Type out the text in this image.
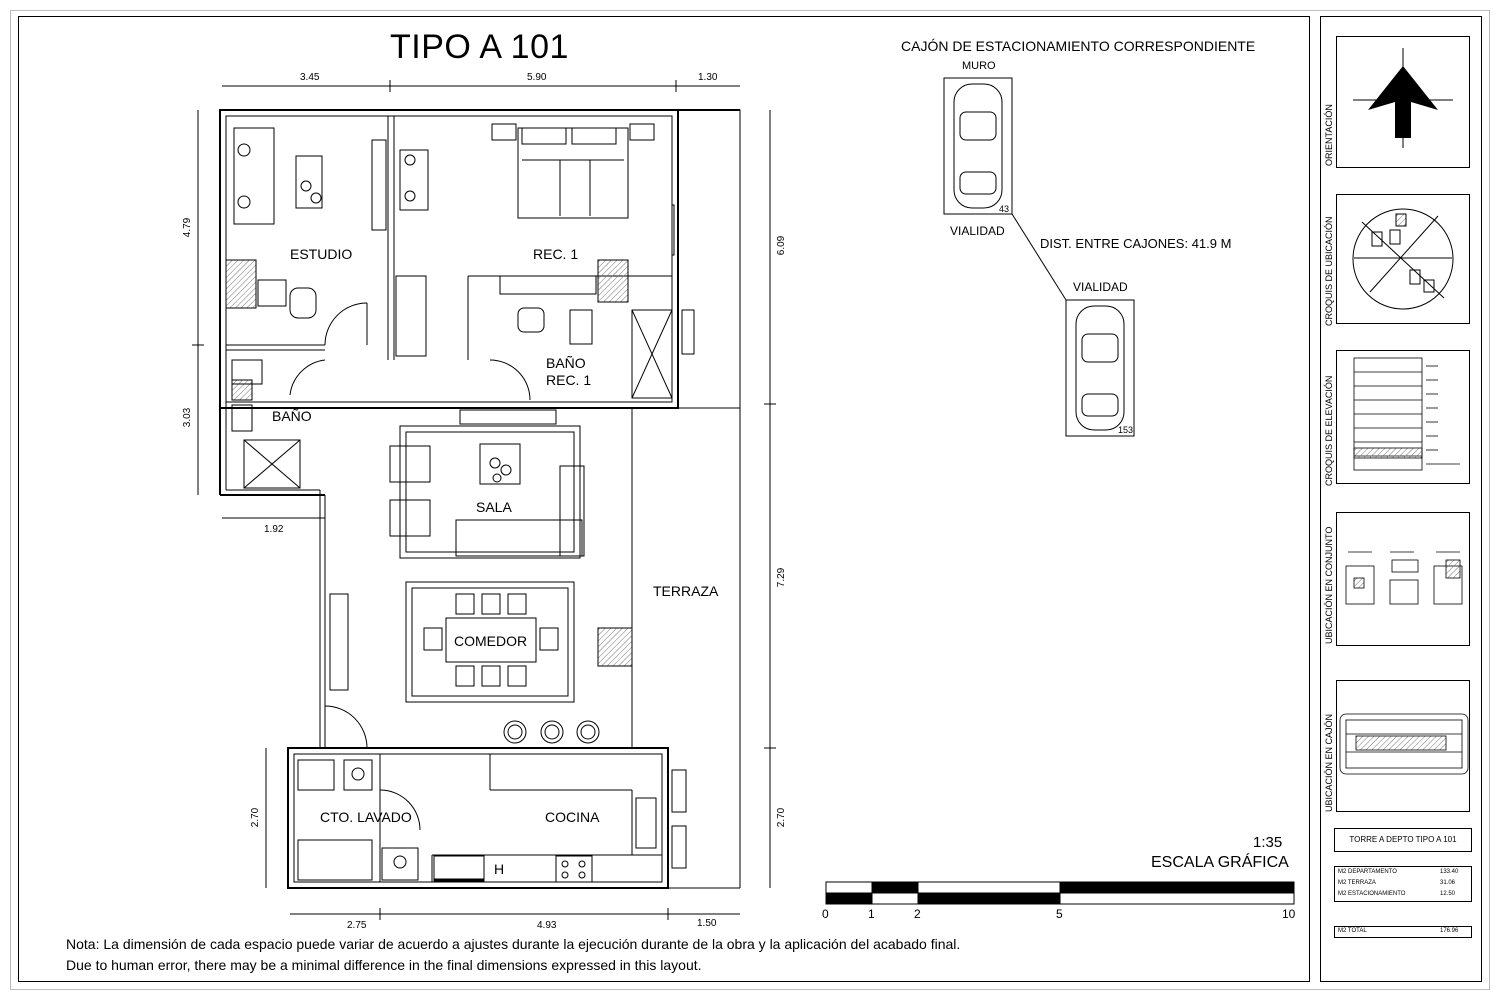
TIPO A 101
3.45	5.90	1.30
4.79
3.03
2.70
6.09
7.29
2.70
1.92
2.75	4.93	1.50
ESTUDIO	REC. 1
BAÑO
REC. 1
BAÑO
SALA
TERRAZA
COMEDOR
CTO. LAVADO	COCINA
H
CAJÓN DE ESTACIONAMIENTO CORRESPONDIENTE
MURO
VIALIDAD
VIALIDAD
DIST. ENTRE CAJONES: 41.9 M
43
153
1:35
ESCALA GRÁFICA
0	1	2	5	10
Nota: La dimensión de cada espacio puede variar de acuerdo a ajustes durante la ejecución durante de la obra y la aplicación del acabado final.
Due to human error, there may be a minimal difference in the final dimensions expressed in this layout.
ORIENTACIÓN
CROQUIS DE UBICACIÓN
CROQUIS DE ELEVACIÓN
UBICACIÓN EN CONJUNTO
UBICACIÓN EN CAJÓN
TORRE A DEPTO TIPO A 101
M2 DEPARTAMENTO	133.40
M2 TERRAZA	31.06
M2 ESTACIONAMIENTO	12.50
M2 TOTAL	176.96
